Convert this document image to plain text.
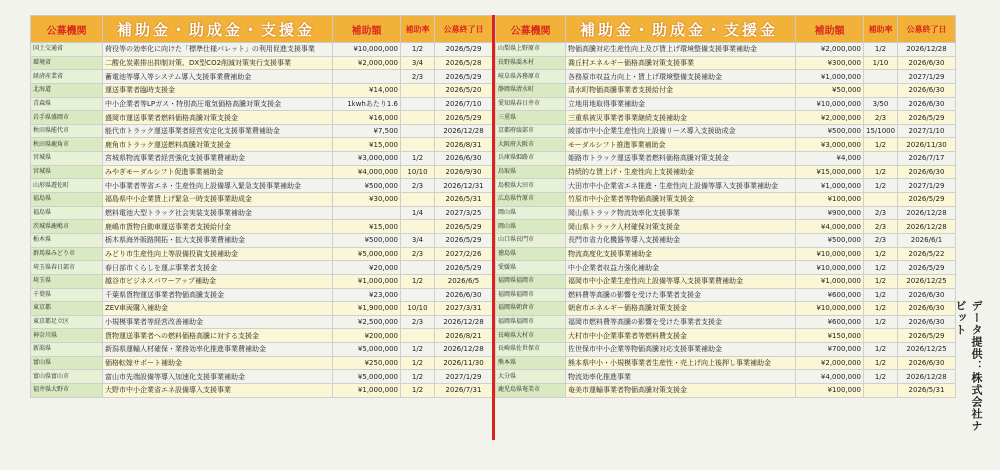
公募機関	補助金・助成金・支援金	補助額	補助率	公募終了日
国土交通省	荷役等の効率化に向けた「標準仕様パレット」の利用促進支援事業	¥10,000,000	1/2	2026/5/29
環境省	二酸化炭素排出抑制対策、DX型CO2削減対策実行支援事業	¥2,000,000	3/4	2026/5/28
経済産業省	蓄電池等導入等システム導入支援事業費補助金		2/3	2026/5/29
北海道	運送事業者臨時支援金	¥14,000		2026/5/20
青森県	中小企業者等LPガス・特別高圧電気価格高騰対策支援金	1kwhあたり1.6		2026/7/10
岩手県盛岡市	盛岡市運送事業者燃料価格高騰対策支援金	¥16,000		2026/5/29
秋田県能代市	能代市トラック運送事業者経営安定化支援事業費補助金	¥7,500		2026/12/28
秋田県鹿角市	鹿角市トラック運送燃料高騰対策支援金	¥15,000		2026/8/31
宮城県	宮城県物流事業者経営強化支援事業費補助金	¥3,000,000	1/2	2026/6/30
宮城県	みやぎモーダルシフト促進事業補助金	¥4,000,000	10/10	2026/9/30
山形県遊佐町	中小事業者等省エネ・生産性向上設備導入緊急支援事業補助金	¥500,000	2/3	2026/12/31
福島県	福島県中小企業賃上げ緊急一時支援事業助成金	¥30,000		2026/5/31
福島県	燃料電池大型トラック社会実装支援事業補助金		1/4	2027/3/25
茨城県鹿嶋市	鹿嶋市貨物自動車運送事業者支援給付金	¥15,000		2026/5/29
栃木県	栃木県海外販路開拓・拡大支援事業費補助金	¥500,000	3/4	2026/5/29
群馬県みどり市	みどり市生産性向上等設備投資支援補助金	¥5,000,000	2/3	2027/2/26
埼玉県春日部市	春日部市くらしを運ぶ事業者支援金	¥20,000		2026/5/29
埼玉県	越谷市ビジネスパワーアップ補助金	¥1,000,000	1/2	2026/6/5
千葉県	千葉県貨物運送事業者物価高騰支援金	¥23,000		2026/6/30
東京都	ZEV車両購入補助金	¥1,900,000	10/10	2027/3/31
東京都足立区	小規模事業者等経営改善補助金	¥2,500,000	2/3	2026/12/28
神奈川県	貨物運送事業者への燃料価格高騰に対する支援金	¥200,000		2026/8/21
新潟県	新潟県運輸人材確保・業務効率化推進事業費補助金	¥5,000,000	1/2	2026/12/28
富山県	価格転嫁サポート補助金	¥250,000	1/2	2026/11/30
富山県富山市	富山市先端設備等導入加速化支援事業補助金	¥5,000,000	1/2	2027/1/29
福井県大野市	大野市中小企業省エネ設備導入支援事業	¥1,000,000	1/2	2026/7/31
公募機関	補助金・助成金・支援金	補助額	補助率	公募終了日
山梨県上野原市	物価高騰対応生産性向上及び賃上げ環境整備支援事業補助金	¥2,000,000	1/2	2026/12/28
長野県喬木村	喬丘村エネルギー価格高騰対策支援事業	¥300,000	1/10	2026/6/30
岐阜県各務原市	各務原市収益力向上・賃上げ環境整備支援補助金	¥1,000,000		2027/1/29
静岡県清水町	清水町物価高騰事業者支援給付金	¥50,000		2026/6/30
愛知県春日井市	立地用地取得事業補助金	¥10,000,000	3/50	2026/6/30
三重県	三重県被災事業者事業継続支援補助金	¥2,000,000	2/3	2026/5/29
京都府綾部市	綾部市中小企業生産性向上設備リース導入支援助成金	¥500,000	15/1000	2027/1/10
大阪府大阪市	モーダルシフト推進事業補助金	¥3,000,000	1/2	2026/11/30
兵庫県姫路市	姫路市トラック運送事業者燃料価格高騰対策支援金	¥4,000		2026/7/17
鳥取県	持続的な賃上げ・生産性向上支援補助金	¥15,000,000	1/2	2026/6/30
島根県大田市	大田市中小企業省エネ推進・生産性向上設備等導入支援事業補助金	¥1,000,000	1/2	2027/1/29
広島県竹原市	竹原市中小企業者等物価高騰対策支援金	¥100,000		2026/5/29
岡山県	岡山県トラック物流効率化支援事業	¥900,000	2/3	2026/12/28
岡山県	岡山県トラック人材確保対策支援金	¥4,000,000	2/3	2026/12/28
山口県長門市	長門市省力化機器等導入支援補助金	¥500,000	2/3	2026/6/1
徳島県	物流高度化支援事業補助金	¥10,000,000	1/2	2026/5/22
愛媛県	中小企業者収益力強化補助金	¥10,000,000	1/2	2026/5/29
福岡県福岡市	福岡市中小企業生産性向上設備等導入支援事業費補助金	¥1,000,000	1/2	2026/12/25
福岡県福岡市	燃料費等高騰の影響を受けた事業者支援金	¥600,000	1/2	2026/6/30
福岡県朝倉市	朝倉市エネルギー価格高騰対策支援金	¥10,000,000	1/2	2026/6/30
福岡県福岡市	福岡市燃料費等高騰の影響を受けた事業者支援金	¥600,000	1/2	2026/6/30
長崎県大村市	大村市中小企業事業者等燃料費支援金	¥150,000		2026/5/29
長崎県佐世保市	佐世保市中小企業等物価高騰対応支援事業補助金	¥700,000	1/2	2026/12/25
熊本県	熊本県中小・小規模事業者生産性・売上げ向上後押し事業補助金	¥2,000,000	1/2	2026/6/30
大分県	物流効率化推進事業	¥4,000,000	1/2	2026/12/28
鹿児島県奄美市	奄美市運輸事業者物価高騰対策支援金	¥100,000		2026/5/31	データ提供：株式会社ナビット
